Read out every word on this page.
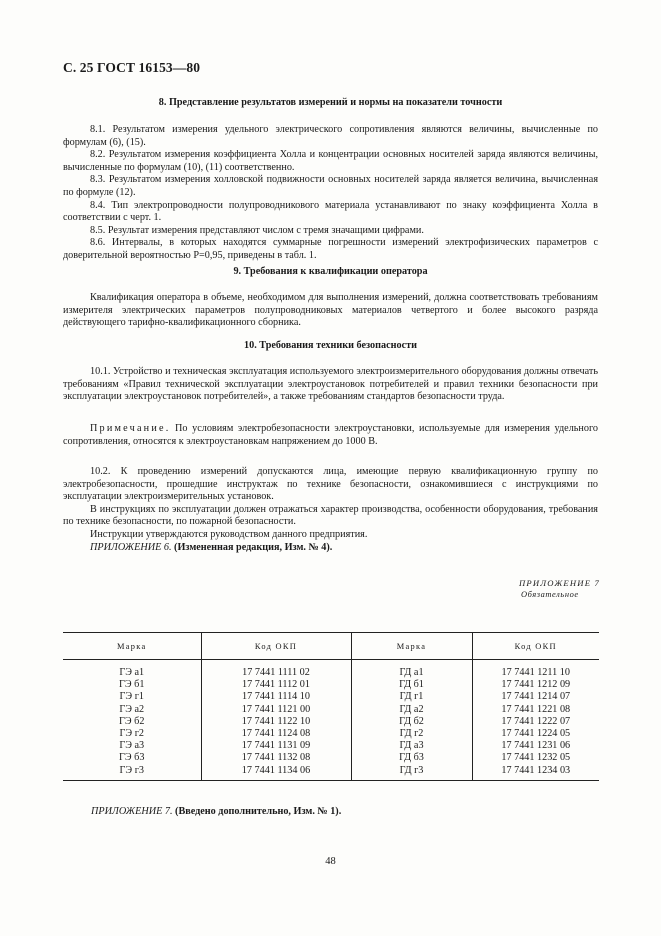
С. 25 ГОСТ 16153—80
8. Представление результатов измерений и нормы на показатели точности

8.1. Результатом измерения удельного электрического сопротивления являются величины, вычисленные по формулам (6), (15).

8.2. Результатом измерения коэффициента Холла и концентрации основных носителей заряда являются величины, вычисленные по формулам (10), (11) соответственно.

8.3. Результатом измерения холловской подвижности основных носителей заряда является величина, вычисленная по формуле (12).

8.4. Тип электропроводности полупроводникового материала устанавливают по знаку коэффициента Холла в соответствии с черт. 1.

8.5. Результат измерения представляют числом с тремя значащими цифрами.

8.6. Интервалы, в которых находятся суммарные погрешности измерений электрофизических параметров с доверительной вероятностью P=0,95, приведены в табл. 1.

9. Требования к квалификации оператора

Квалификация оператора в объеме, необходимом для выполнения измерений, должна соответствовать требованиям измерителя электрических параметров полупроводниковых материалов четвертого и более высокого разряда действующего тарифно-квалификационного сборника.

10. Требования техники безопасности

10.1. Устройство и техническая эксплуатация используемого электроизмерительного оборудования должны отвечать требованиям «Правил технической эксплуатации электроустановок потребителей и правил техники безопасности при эксплуатации электроустановок потребителей», а также требованиям стандартов безопасности труда.

Примечание. По условиям электробезопасности электроустановки, используемые для измерения удельного сопротивления, относятся к электроустановкам напряжением до 1000 В.

10.2. К проведению измерений допускаются лица, имеющие первую квалификационную группу по электробезопасности, прошедшие инструктаж по технике безопасности, ознакомившиеся с инструкциями по эксплуатации электроизмерительных установок.

В инструкциях по эксплуатации должен отражаться характер производства, особенности оборудования, требования по технике безопасности, по пожарной безопасности.

Инструкции утверждаются руководством данного предприятия.

ПРИЛОЖЕНИЕ 6. (Измененная редакция, Изм. № 4).

ПРИЛОЖЕНИЕ 7
Обязательное
Марка	Код ОКП	Марка	Код ОКП
ГЭ а1	17 7441 1111 02	ГД а1	17 7441 1211 10
ГЭ б1	17 7441 1112 01	ГД б1	17 7441 1212 09
ГЭ г1	17 7441 1114 10	ГД г1	17 7441 1214 07
ГЭ а2	17 7441 1121 00	ГД а2	17 7441 1221 08
ГЭ б2	17 7441 1122 10	ГД б2	17 7441 1222 07
ГЭ г2	17 7441 1124 08	ГД г2	17 7441 1224 05
ГЭ а3	17 7441 1131 09	ГД а3	17 7441 1231 06
ГЭ б3	17 7441 1132 08	ГД б3	17 7441 1232 05
ГЭ г3	17 7441 1134 06	ГД г3	17 7441 1234 03
ПРИЛОЖЕНИЕ 7. (Введено дополнительно, Изм. № 1).
48
